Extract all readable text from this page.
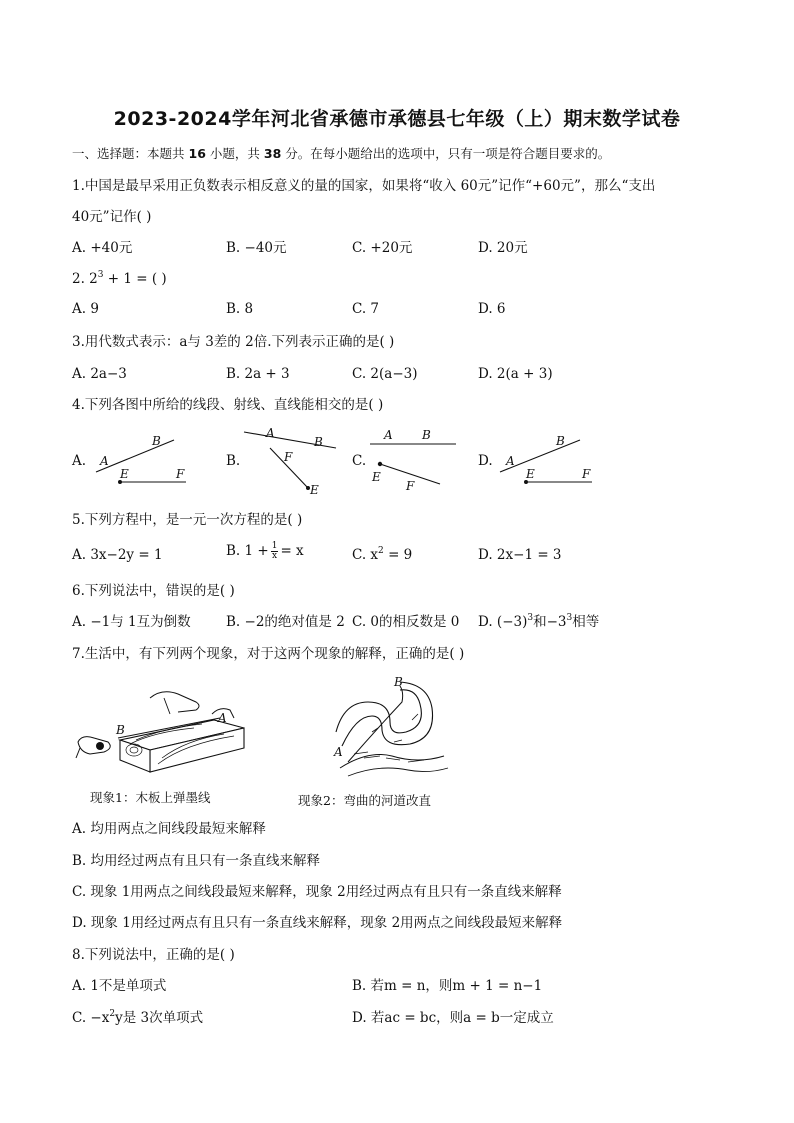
2023-2024学年河北省承德市承德县七年级（上）期末数学试卷
一、选择题：本题共 16 小题，共 38 分。在每小题给出的选项中，只有一项是符合题目要求的。
1.中国是最早采用正负数表示相反意义的量的国家，如果将“收入 60元”记作“+60元”，那么“支出
40元”记作( )
A. +40元	B. −40元	C. +20元	D. 20元
2. $2^3 + 1$ = ( )
A. 9	B. 8	C. 7	D. 6
3.用代数式表示：a与 3差的 2倍.下列表示正确的是( )
A. 2a−3	B. 2a + 3	C. 2(a−3)	D. 2(a + 3)
4.下列各图中所给的线段、射线、直线能相交的是( )
A. A
B
E	F
B.
A
B
F
E
C.
A B
E
F
D. A
B
E	F
5.下列方程中，是一元一次方程的是( )
A. 3x−2y = 1	B. $1 + \frac{1}{x} = x$	C. $x^2 = 9$	D. 2x−1 = 3
6.下列说法中，错误的是( )
A. −1与 1互为倒数	B. −2的绝对值是 2 C. 0的相反数是 0 D. $(-3)^3$和$-3^3$相等
7.生活中，有下列两个现象，对于这两个现象的解释，正确的是( )
B
A
现象1：木板上弹墨线
B
A
现象2：弯曲的河道改直
A. 均用两点之间线段最短来解释
B. 均用经过两点有且只有一条直线来解释
C. 现象 1用两点之间线段最短来解释，现象 2用经过两点有且只有一条直线来解释
D. 现象 1用经过两点有且只有一条直线来解释，现象 2用两点之间线段最短来解释
8.下列说法中，正确的是( )
A. 1不是单项式	B. 若m = n，则m + 1 = n−1
C. $-x^2y$是 3次单项式	D. 若ac = bc，则a = b一定成立
